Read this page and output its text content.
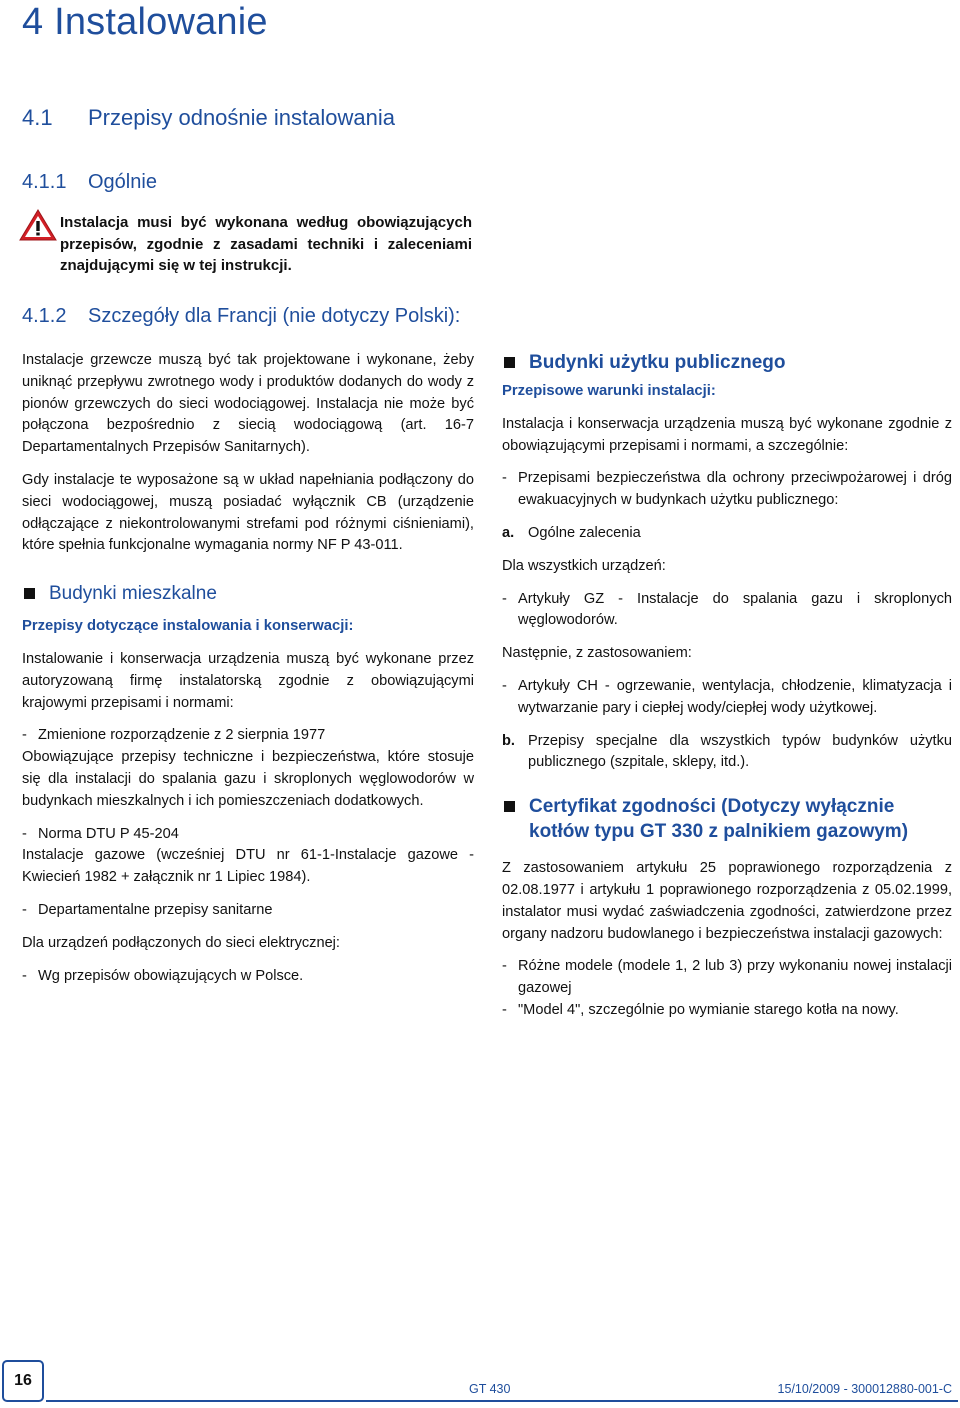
4 Instalowanie
4.1 Przepisy odnośnie instalowania
4.1.1 Ogólnie
Instalacja musi być wykonana według obowiązujących przepisów, zgodnie z zasadami techniki i zaleceniami znajdującymi się w tej instrukcji.
4.1.2 Szczegóły dla Francji (nie dotyczy Polski):

Instalacje grzewcze muszą być tak projektowane i wykonane, żeby uniknąć przepływu zwrotnego wody i produktów dodanych do wody z pionów grzewczych do sieci wodociągowej. Instalacja nie może być połączona bezpośrednio z siecią wodociągową (art. 16-7 Departamentalnych Przepisów Sanitarnych).

Gdy instalacje te wyposażone są w układ napełniania podłączony do sieci wodociągowej, muszą posiadać wyłącznik CB (urządzenie odłączające z niekontrolowanymi strefami pod różnymi ciśnieniami), które spełnia funkcjonalne wymagania normy NF P 43-011.

Budynki mieszkalne

Przepisy dotyczące instalowania i konserwacji:

Instalowanie i konserwacja urządzenia muszą być wykonane przez autoryzowaną firmę instalatorską zgodnie z obowiązującymi krajowymi przepisami i normami:

- Zmienione rozporządzenie z 2 sierpnia 1977

Obowiązujące przepisy techniczne i bezpieczeństwa, które stosuje się dla instalacji do spalania gazu i skroplonych węglowodorów w budynkach mieszkalnych i ich pomieszczeniach dodatkowych.

- Norma DTU P 45-204

Instalacje gazowe (wcześniej DTU nr 61-1-Instalacje gazowe - Kwiecień 1982 + załącznik nr 1 Lipiec 1984).

- Departamentalne przepisy sanitarne

Dla urządzeń podłączonych do sieci elektrycznej:

- Wg przepisów obowiązujących w Polsce.
Budynki użytku publicznego

Przepisowe warunki instalacji:

Instalacja i konserwacja urządzenia muszą być wykonane zgodnie z obowiązującymi przepisami i normami, a szczególnie:

- Przepisami bezpieczeństwa dla ochrony przeciwpożarowej i dróg ewakuacyjnych w budynkach użytku publicznego:
a. Ogólne zalecenia

Dla wszystkich urządzeń:

- Artykuły GZ - Instalacje do spalania gazu i skroplonych węglowodorów.

Następnie, z zastosowaniem:

- Artykuły CH - ogrzewanie, wentylacja, chłodzenie, klimatyzacja i wytwarzanie pary i ciepłej wody/ciepłej wody użytkowej.
b. Przepisy specjalne dla wszystkich typów budynków użytku publicznego (szpitale, sklepy, itd.).
Certyfikat zgodności (Dotyczy wyłącznie kotłów typu GT 330 z palnikiem gazowym)

Z zastosowaniem artykułu 25 poprawionego rozporządzenia z 02.08.1977 i artykułu 1 poprawionego rozporządzenia z 05.02.1999, instalator musi wydać zaświadczenia zgodności, zatwierdzone przez organy nadzoru budowlanego i bezpieczeństwa instalacji gazowych:

- Różne modele (modele 1, 2 lub 3) przy wykonaniu nowej instalacji gazowej
- "Model 4", szczególnie po wymianie starego kotła na nowy.
16	GT 430	15/10/2009 - 300012880-001-C
